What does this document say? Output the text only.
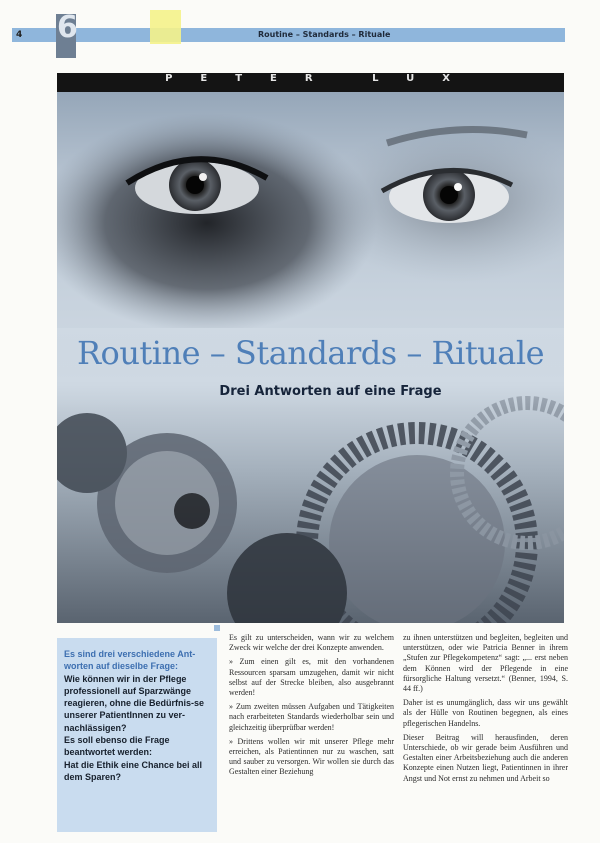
4 6	Routine – Standards – Rituale
PETER LUX
Routine – Standards – Rituale
Drei Antworten auf eine Frage
Es sind drei verschiedene Ant-worten auf dieselbe Frage:
Wie können wir in der Pflege professionell auf Sparzwänge reagieren, ohne die Bedürfnis-se unserer PatientInnen zu ver-nachlässigen?
Es soll ebenso die Frage beantwortet werden:
Hat die Ethik eine Chance bei all dem Sparen?

Es gilt zu unterscheiden, wann wir zu welchem Zweck wir welche der drei Konzepte anwenden.

» Zum einen gilt es, mit den vorhandenen Ressourcen sparsam umzugehen, damit wir nicht selbst auf der Strecke bleiben, also ausgebrannt werden!

» Zum zweiten müssen Aufgaben und Tätigkeiten nach erarbeiteten Standards wiederholbar sein und gleichzeitig überprüfbar werden!

» Drittens wollen wir mit unserer Pflege mehr erreichen, als Patientinnen nur zu waschen, satt und sauber zu versorgen. Wir wollen sie durch das Gestalten einer Beziehung

zu ihnen unterstützen und begleiten, begleiten und unterstützen, oder wie Patricia Benner in ihrem „Stufen zur Pflegekompetenz“ sagt: „... erst neben dem Können wird der Pflegende in eine fürsorgliche Haltung versetzt.“ (Benner, 1994, S. 44 ff.)

Daher ist es unumgänglich, dass wir uns gewählt als der Hülle von Routinen begegnen, als eines pflegerischen Handelns.

Dieser Beitrag will herausfinden, deren Unterschiede, ob wir gerade beim Ausführen und Gestalten einer Arbeitsbeziehung auch die anderen Konzepte einen Nutzen liegt, Patientinnen in ihrer Angst und Not ernst zu nehmen und Arbeit so
